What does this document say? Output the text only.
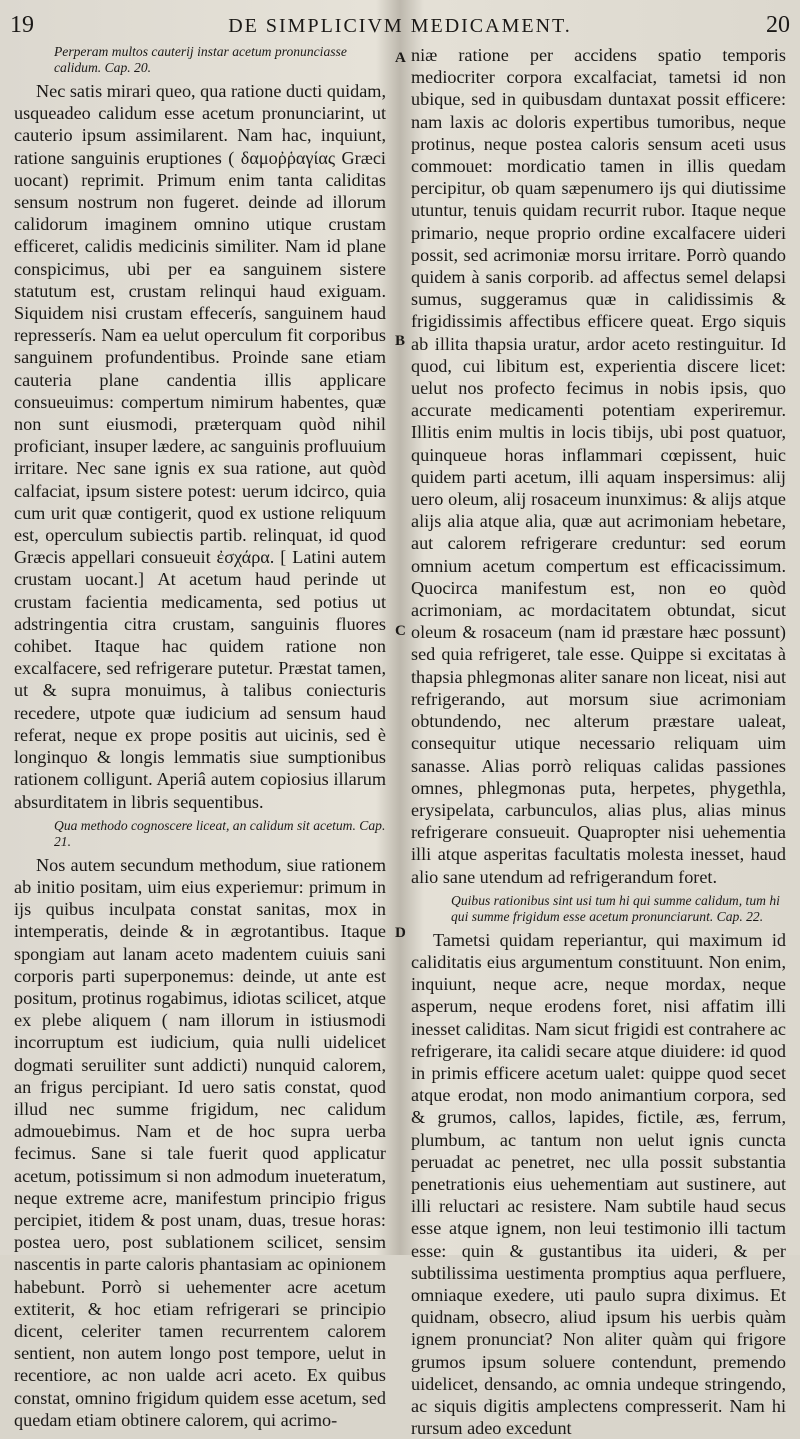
19	DE SIMPLICIVM MEDICAMENT.	20

Perperam multos cauterij instar acetum pronunciasse calidum. Cap. 20.

Nec satis mirari queo, qua ratione ducti quidam, usqueadeo calidum esse acetum pronunciarint, ut cauterio ipsum assimilarent. Nam hac, inquiunt, ratione sanguinis eruptiones ( δαμοῤῥαγίας Græci uocant) reprimit. Primum enim tanta caliditas sensum nostrum non fugeret. deinde ad illorum calidorum imaginem omnino utique crustam efficeret, calidis medicinis similiter. Nam id plane conspicimus, ubi per ea sanguinem sistere statutum est, crustam relinqui haud exiguam. Siquidem nisi crustam effecerís, sanguinem haud represserís. Nam ea uelut operculum fit corporibus sanguinem profundentibus. Proinde sane etiam cauteria plane candentia illis applicare consueuimus: compertum nimirum habentes, quæ non sunt eiusmodi, præterquam quòd nihil proficiant, insuper lædere, ac sanguinis profluuium irritare. Nec sane ignis ex sua ratione, aut quòd calfaciat, ipsum sistere potest: uerum idcirco, quia cum urit quæ contigerit, quod ex ustione reliquum est, operculum subiectis partib. relinquat, id quod Græcis appellari consueuit ἐσχάρα. [ Latini autem crustam uocant.] At acetum haud perinde ut crustam facientia medicamenta, sed potius ut adstringentia citra crustam, sanguinis fluores cohibet. Itaque hac quidem ratione non excalfacere, sed refrigerare putetur. Præstat tamen, ut & supra monuimus, à talibus coniecturis recedere, utpote quæ iudicium ad sensum haud referat, neque ex prope positis aut uicinis, sed è longinquo & longis lemmatis siue sumptionibus rationem colligunt. Aperiâ autem copiosius illarum absurditatem in libris sequentibus.

Qua methodo cognoscere liceat, an calidum sit acetum. Cap. 21.

Nos autem secundum methodum, siue rationem ab initio positam, uim eius experiemur: primum in ijs quibus inculpata constat sanitas, mox in intemperatis, deinde & in ægrotantibus. Itaque spongiam aut lanam aceto madentem cuiuis sani corporis parti superponemus: deinde, ut ante est positum, protinus rogabimus, idiotas scilicet, atque ex plebe aliquem ( nam illorum in istiusmodi incorruptum est iudicium, quia nulli uidelicet dogmati seruiliter sunt addicti) nunquid calorem, an frigus percipiant. Id uero satis constat, quod illud nec summe frigidum, nec calidum admouebimus. Nam et de hoc supra uerba fecimus. Sane si tale fuerit quod applicatur acetum, potissimum si non admodum inueteratum, neque extreme acre, manifestum principio frigus percipiet, itidem & post unam, duas, tresue horas: postea uero, post sublationem scilicet, sensim nascentis in parte caloris phantasiam ac opinionem habebunt. Porrò si uehementer acre acetum extiterit, & hoc etiam refrigerari se principio dicent, celeriter tamen recurrentem calorem sentient, non autem longo post tempore, uelut in recentiore, ac non ualde acri aceto. Ex quibus constat, omnino frigidum quidem esse acetum, sed quedam etiam obtinere calorem, qui acrimo-

A
B
C
D

niæ ratione per accidens spatio temporis mediocriter corpora excalfaciat, tametsi id non ubique, sed in quibusdam duntaxat possit efficere: nam laxis ac doloris expertibus tumoribus, neque protinus, neque postea caloris sensum aceti usus commouet: mordicatio tamen in illis quedam percipitur, ob quam sæpenumero ijs qui diutissime utuntur, tenuis quidam recurrit rubor. Itaque neque primario, neque proprio ordine excalfacere uideri possit, sed acrimoniæ morsu irritare. Porrò quando quidem à sanis corporib. ad affectus semel delapsi sumus, suggeramus quæ in calidissimis & frigidissimis affectibus efficere queat. Ergo siquis ab illita thapsia uratur, ardor aceto restinguitur. Id quod, cui libitum est, experientia discere licet: uelut nos profecto fecimus in nobis ipsis, quo accurate medicamenti potentiam experiremur. Illitis enim multis in locis tibijs, ubi post quatuor, quinqueue horas inflammari cœpissent, huic quidem parti acetum, illi aquam inspersimus: alij uero oleum, alij rosaceum inunximus: & alijs atque alijs alia atque alia, quæ aut acrimoniam hebetare, aut calorem refrigerare creduntur: sed eorum omnium acetum compertum est efficacissimum. Quocirca manifestum est, non eo quòd acrimoniam, ac mordacitatem obtundat, sicut oleum & rosaceum (nam id præstare hæc possunt) sed quia refrigeret, tale esse. Quippe si excitatas à thapsia phlegmonas aliter sanare non liceat, nisi aut refrigerando, aut morsum siue acrimoniam obtundendo, nec alterum præstare ualeat, consequitur utique necessario reliquam uim sanasse. Alias porrò reliquas calidas passiones omnes, phlegmonas puta, herpetes, phygethla, erysipelata, carbunculos, alias plus, alias minus refrigerare consueuit. Quapropter nisi uehementia illi atque asperitas facultatis molesta inesset, haud alio sane utendum ad refrigerandum foret.

Quibus rationibus sint usi tum hi qui summe calidum, tum hi qui summe frigidum esse acetum pronunciarunt. Cap. 22.

Tametsi quidam reperiantur, qui maximum id caliditatis eius argumentum constituunt. Non enim, inquiunt, neque acre, neque mordax, neque asperum, neque erodens foret, nisi affatim illi inesset caliditas. Nam sicut frigidi est contrahere ac refrigerare, ita calidi secare atque diuidere: id quod in primis efficere acetum ualet: quippe quod secet atque erodat, non modo animantium corpora, sed & grumos, callos, lapides, fictile, æs, ferrum, plumbum, ac tantum non uelut ignis cuncta peruadat ac penetret, nec ulla possit substantia penetrationis eius uehementiam aut sustinere, aut illi reluctari ac resistere. Nam subtile haud secus esse atque ignem, non leui testimonio illi tactum esse: quin & gustantibus ita uideri, & per subtilissima uestimenta promptius aqua perfluere, omniaque exedere, uti paulo supra diximus. Et quidnam, obsecro, aliud ipsum his uerbis quàm ignem pronunciat? Non aliter quàm qui frigore grumos ipsum soluere contendunt, premendo uidelicet, densando, ac omnia undeque stringendo, ac siquis digitis amplectens compresserit. Nam hi rursum adeo excedunt
